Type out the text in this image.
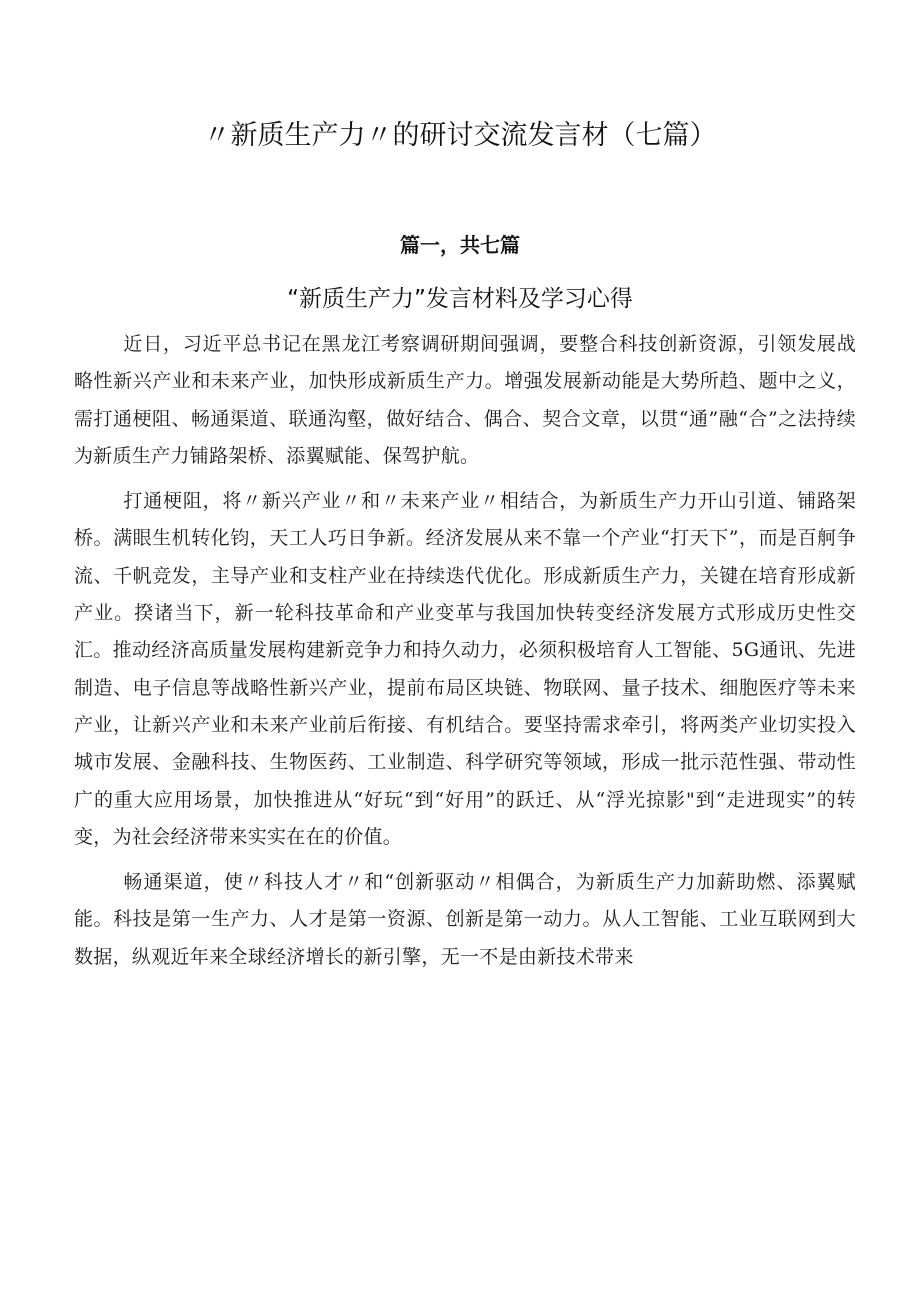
〃新质生产力〃的研讨交流发言材（七篇）
篇一，共七篇
“新质生产力”发言材料及学习心得

近日，习近平总书记在黑龙江考察调研期间强调，要整合科技创新资源，引领发展战略性新兴产业和未来产业，加快形成新质生产力。增强发展新动能是大势所趋、题中之义，需打通梗阻、畅通渠道、联通沟壑，做好结合、偶合、契合文章，以贯“通”融“合”之法持续为新质生产力铺路架桥、添翼赋能、保驾护航。

打通梗阻，将〃新兴产业〃和〃未来产业〃相结合，为新质生产力开山引道、铺路架桥。满眼生机转化钧，天工人巧日争新。经济发展从来不靠一个产业“打天下”，而是百舸争流、千帆竞发，主导产业和支柱产业在持续迭代优化。形成新质生产力，关键在培育形成新产业。揆诸当下，新一轮科技革命和产业变革与我国加快转变经济发展方式形成历史性交汇。推动经济高质量发展构建新竞争力和持久动力，必须积极培育人工智能、5G通讯、先进制造、电子信息等战略性新兴产业，提前布局区块链、物联网、量子技术、细胞医疗等未来产业，让新兴产业和未来产业前后衔接、有机结合。要坚持需求牵引，将两类产业切实投入城市发展、金融科技、生物医药、工业制造、科学研究等领域，形成一批示范性强、带动性广的重大应用场景，加快推进从“好玩“到“好用”的跃迁、从“浮光掠影"到“走进现实”的转变，为社会经济带来实实在在的价值。

畅通渠道，使〃科技人才〃和“创新驱动〃相偶合，为新质生产力加薪助燃、添翼赋能。科技是第一生产力、人才是第一资源、创新是第一动力。从人工智能、工业互联网到大数据，纵观近年来全球经济增长的新引擎，无一不是由新技术带来
